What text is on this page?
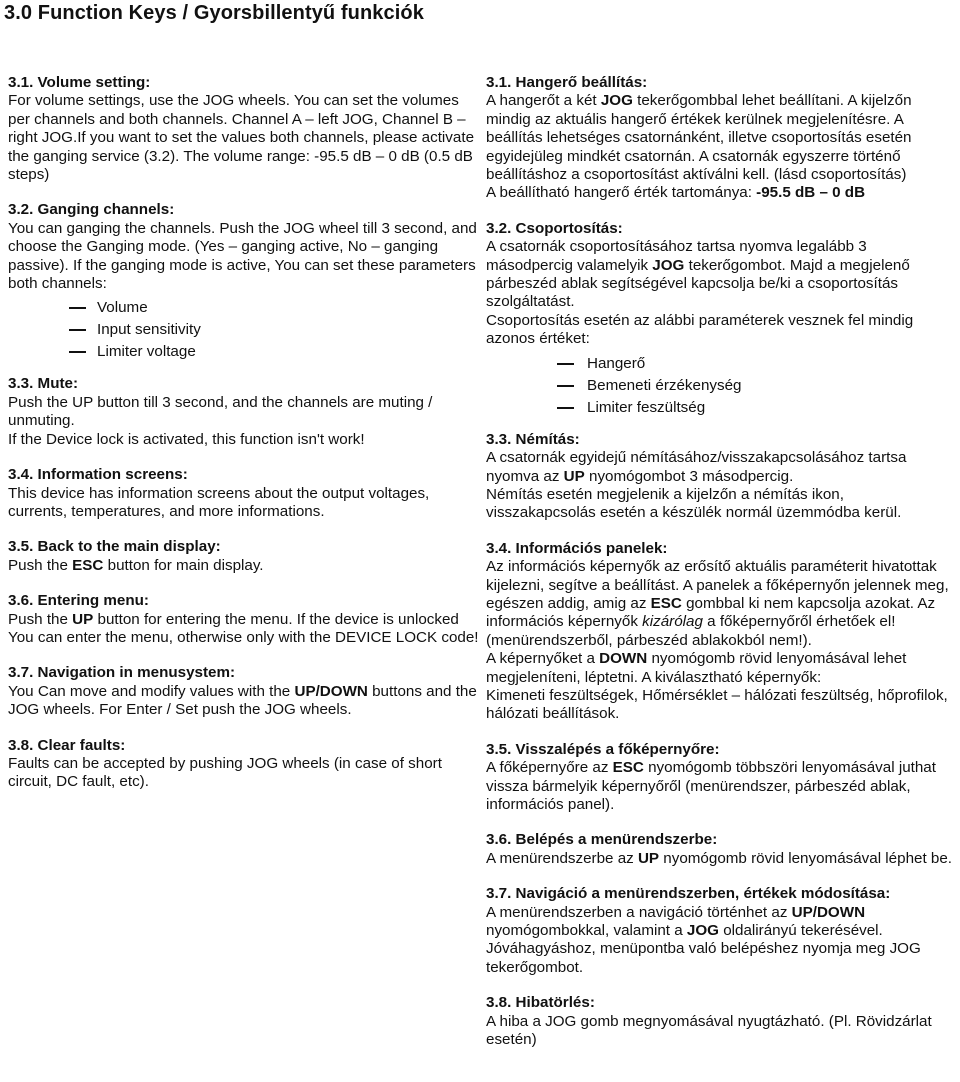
3.0 Function Keys / Gyorsbillentyű funkciók

3.1. Volume setting:

For volume settings, use the JOG wheels. You can set the volumes per channels and both channels. Channel A – left JOG, Channel B – right JOG.If you want to set the values both channels, please activate the ganging service (3.2). The volume range: -95.5 dB – 0 dB (0.5 dB steps)

3.2. Ganging channels:

You can ganging the channels. Push the JOG wheel till 3 second, and choose the Ganging mode. (Yes – ganging active, No – ganging passive). If the ganging mode is active, You can set these parameters both channels:

Volume
Input sensitivity
Limiter voltage

3.3. Mute:

Push the UP button till 3 second, and the channels are muting / unmuting.

If the Device lock is activated, this function isn't work!

3.4. Information screens:

This device has information screens about the output voltages, currents, temperatures, and more informations.

3.5. Back to the main display:

Push the ESC button for main display.

3.6. Entering menu:

Push the UP button for entering the menu. If the device is unlocked You can enter the menu, otherwise only with the DEVICE LOCK code!

3.7. Navigation in menusystem:

You Can move and modify values with the UP/DOWN buttons and the JOG wheels. For Enter / Set push the JOG wheels.

3.8. Clear faults:

Faults can be accepted by pushing JOG wheels (in case of short circuit, DC fault, etc).

3.1. Hangerő beállítás:

A hangerőt a két JOG tekerőgombbal lehet beállítani. A kijelzőn mindig az aktuális hangerő értékek kerülnek megjelenítésre. A beállítás lehetséges csatornánként, illetve csoportosítás esetén egyidejüleg mindkét csatornán. A csatornák egyszerre történő beállításhoz a csoportosítást aktíválni kell. (lásd csoportosítás)

A beállítható hangerő érték tartománya: -95.5 dB – 0 dB

3.2. Csoportosítás:

A csatornák csoportosításához tartsa nyomva legalább 3 másodpercig valamelyik JOG tekerőgombot. Majd a megjelenő párbeszéd ablak segítségével kapcsolja be/ki a csoportosítás szolgáltatást.

Csoportosítás esetén az alábbi paraméterek vesznek fel mindig azonos értéket:

Hangerő
Bemeneti érzékenység
Limiter feszültség

3.3. Némítás:

A csatornák egyidejű némításához/visszakapcsolásához tartsa nyomva az UP nyomógombot 3 másodpercig.

Némítás esetén megjelenik a kijelzőn a némítás ikon, visszakapcsolás esetén a készülék normál üzemmódba kerül.

3.4. Információs panelek:

Az információs képernyők az erősítő aktuális paraméterit hivatottak kijelezni, segítve a beállítást. A panelek a főképernyőn jelennek meg, egészen addig, amig az ESC gombbal ki nem kapcsolja azokat. Az információs képernyők kizárólag a főképernyőről érhetőek el! (menürendszerből, párbeszéd ablakokból nem!).

A képernyőket a DOWN nyomógomb rövid lenyomásával lehet megjeleníteni, léptetni. A kiválasztható képernyők:

Kimeneti feszültségek, Hőmérséklet – hálózati feszültség, hőprofilok, hálózati beállítások.

3.5. Visszalépés a főképernyőre:

A főképernyőre az ESC nyomógomb többszöri lenyomásával juthat vissza bármelyik képernyőről (menürendszer, párbeszéd ablak, információs panel).

3.6. Belépés a menürendszerbe:

A menürendszerbe az UP nyomógomb rövid lenyomásával léphet be.

3.7. Navigáció a menürendszerben, értékek módosítása:

A menürendszerben a navigáció történhet az UP/DOWN nyomógombokkal, valamint a JOG oldalirányú tekerésével. Jóváhagyáshoz, menüpontba való belépéshez nyomja meg JOG tekerőgombot.

3.8. Hibatörlés:

A hiba a JOG gomb megnyomásával nyugtázható. (Pl. Rövidzárlat esetén)
